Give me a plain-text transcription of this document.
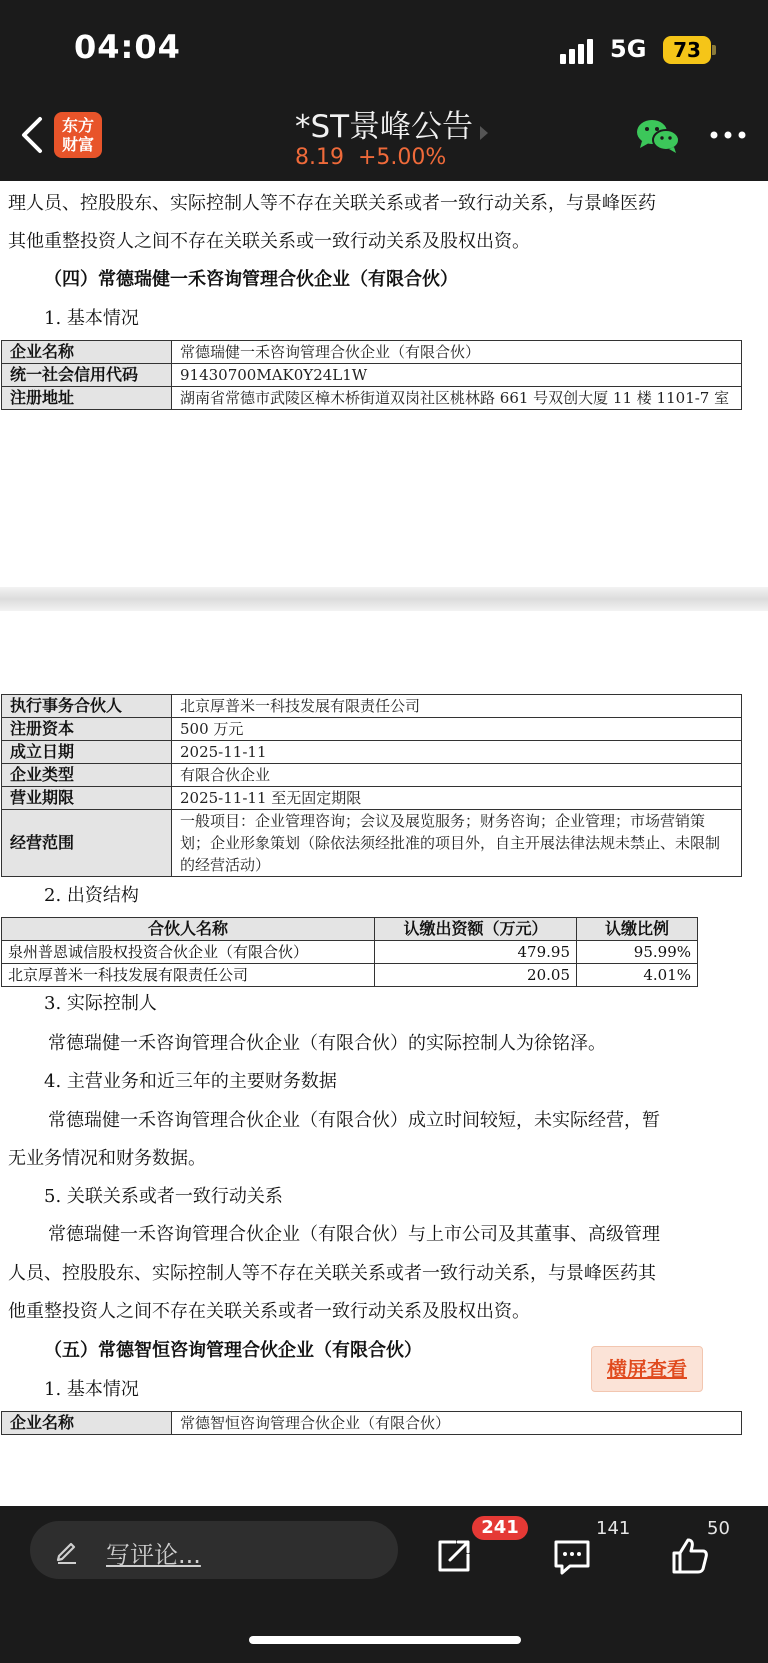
04:04	5G	73
东方
财富	*ST景峰公告
8.19 +5.00%
理人员、控股股东、实际控制人等不存在关联关系或者一致行动关系，与景峰医药
其他重整投资人之间不存在关联关系或一致行动关系及股权出资。
（四）常德瑞健一禾咨询管理合伙企业（有限合伙）
1. 基本情况
企业名称	常德瑞健一禾咨询管理合伙企业（有限合伙）
统一社会信用代码	91430700MAK0Y24L1W
注册地址	湖南省常德市武陵区樟木桥街道双岗社区桃林路 661 号双创大厦 11 楼 1101-7 室
执行事务合伙人	北京厚普米一科技发展有限责任公司
注册资本	500 万元
成立日期	2025-11-11
企业类型	有限合伙企业
营业期限	2025-11-11 至无固定期限
经营范围	一般项目：企业管理咨询；会议及展览服务；财务咨询；企业管理；市场营销策划；企业形象策划（除依法须经批准的项目外，自主开展法律法规未禁止、未限制的经营活动）
2. 出资结构
合伙人名称	认缴出资额（万元）	认缴比例
泉州普恩诚信股权投资合伙企业（有限合伙）	479.95	95.99%
北京厚普米一科技发展有限责任公司	20.05	4.01%
3. 实际控制人
常德瑞健一禾咨询管理合伙企业（有限合伙）的实际控制人为徐铭泽。
4. 主营业务和近三年的主要财务数据
常德瑞健一禾咨询管理合伙企业（有限合伙）成立时间较短，未实际经营，暂
无业务情况和财务数据。
5. 关联关系或者一致行动关系
常德瑞健一禾咨询管理合伙企业（有限合伙）与上市公司及其董事、高级管理
人员、控股股东、实际控制人等不存在关联关系或者一致行动关系，与景峰医药其
他重整投资人之间不存在关联关系或者一致行动关系及股权出资。
（五）常德智恒咨询管理合伙企业（有限合伙）
1. 基本情况
企业名称	常德智恒咨询管理合伙企业（有限合伙）
横屏查看
写评论...
241	141	50
